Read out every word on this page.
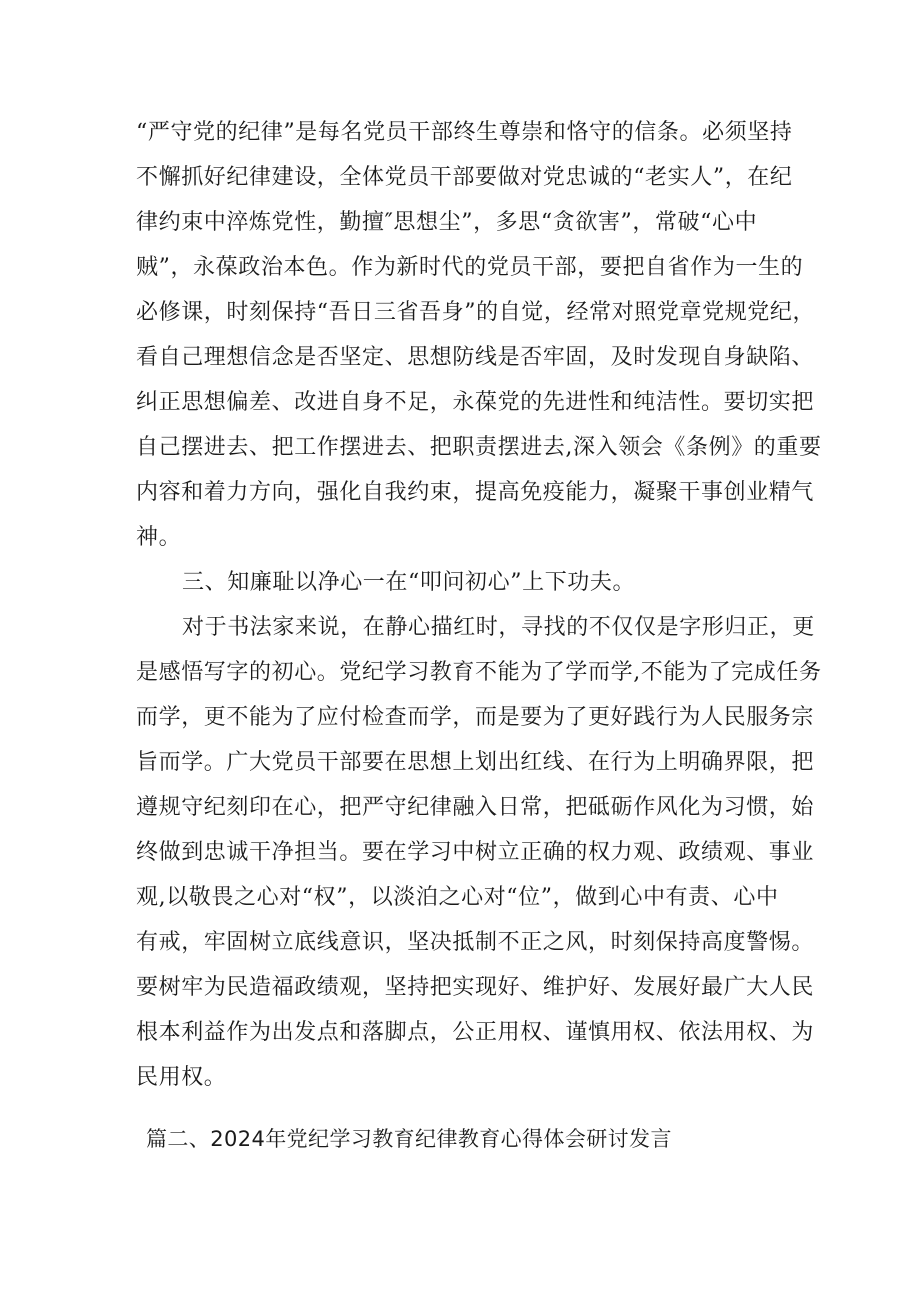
“严守党的纪律”是每名党员干部终生尊崇和恪守的信条。必须坚持
不懈抓好纪律建设，全体党员干部要做对党忠诚的“老实人”，在纪
律约束中淬炼党性，勤擅″思想尘”，多思“贪欲害”，常破“心中
贼”，永葆政治本色。作为新时代的党员干部，要把自省作为一生的
必修课，时刻保持“吾日三省吾身”的自觉，经常对照党章党规党纪，
看自己理想信念是否坚定、思想防线是否牢固，及时发现自身缺陷、
纠正思想偏差、改进自身不足，永葆党的先进性和纯洁性。要切实把
自己摆进去、把工作摆进去、把职责摆进去,深入领会《条例》的重要
内容和着力方向，强化自我约束，提高免疫能力，凝聚干事创业精气
神。
三、知廉耻以净心一在“叩问初心”上下功夫。
对于书法家来说，在静心描红时，寻找的不仅仅是字形归正，更
是感悟写字的初心。党纪学习教育不能为了学而学,不能为了完成任务
而学，更不能为了应付检查而学，而是要为了更好践行为人民服务宗
旨而学。广大党员干部要在思想上划出红线、在行为上明确界限，把
遵规守纪刻印在心，把严守纪律融入日常，把砥砺作风化为习惯，始
终做到忠诚干净担当。要在学习中树立正确的权力观、政绩观、事业
观,以敬畏之心对“权”，以淡泊之心对“位”，做到心中有责、心中
有戒，牢固树立底线意识，坚决抵制不正之风，时刻保持高度警惕。
要树牢为民造福政绩观，坚持把实现好、维护好、发展好最广大人民
根本利益作为出发点和落脚点，公正用权、谨慎用权、依法用权、为
民用权。
篇二、2024年党纪学习教育纪律教育心得体会研讨发言
